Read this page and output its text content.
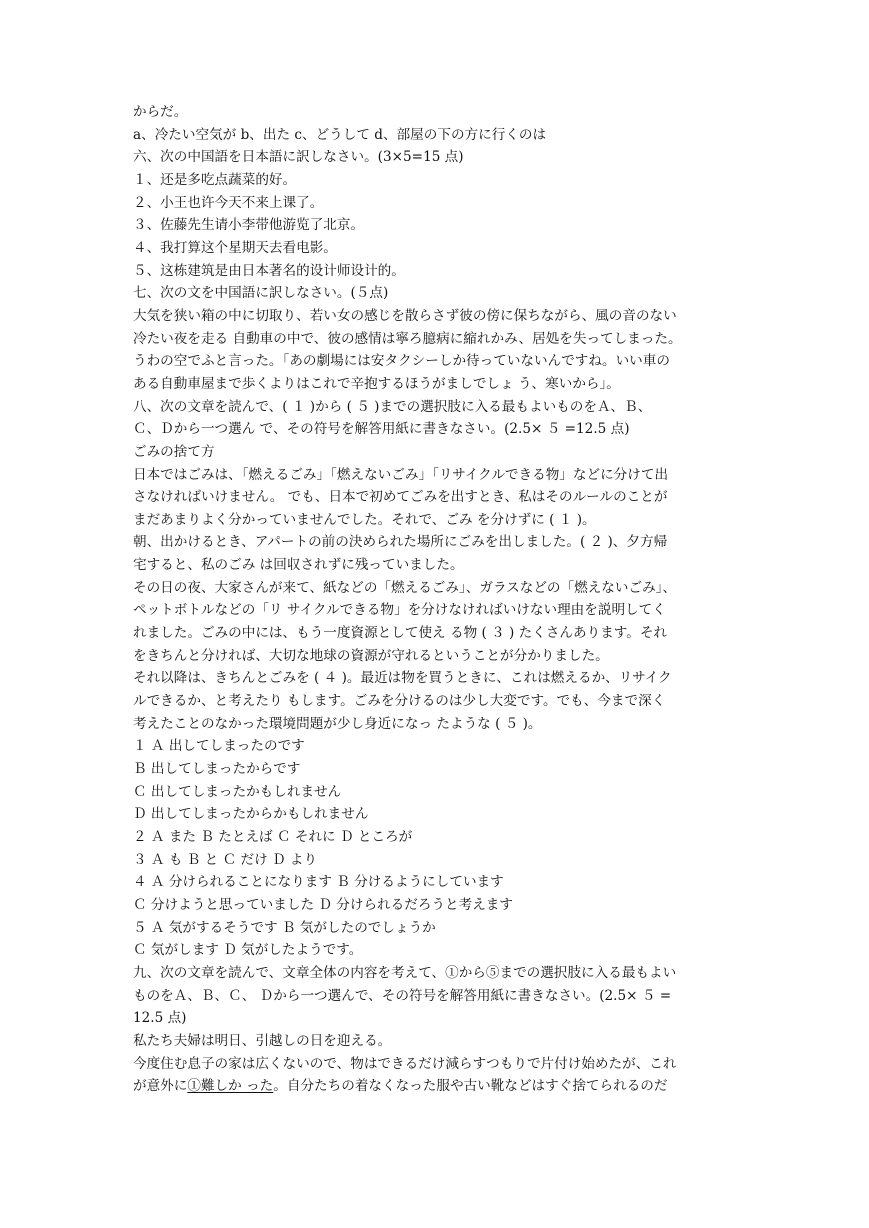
からだ。
a、冷たい空気が b、出た c、どうして d、部屋の下の方に行くのは
六、次の中国語を日本語に訳しなさい。(3×5=15 点)
１、还是多吃点蔬菜的好。
２、小王也许今天不来上课了。
３、佐藤先生请小李带他游览了北京。
４、我打算这个星期天去看电影。
５、这栋建筑是由日本著名的设计师设计的。
七、次の文を中国語に訳しなさい。(５点)
大気を狭い箱の中に切取り、若い女の感じを散らさず彼の傍に保ちながら、風の音のない
冷たい夜を走る 自動車の中で、彼の感情は寧ろ臆病に縮れかみ、居処を失ってしまった。
うわの空でふと言った。「あの劇場には安タクシーしか待っていないんですね。いい車の
ある自動車屋まで歩くよりはこれで辛抱するほうがましでしょ う、寒いから」。
八、次の文章を読んで、( １ )から ( ５ )までの選択肢に入る最もよいものをＡ、Ｂ、
Ｃ、Ｄから一つ選ん で、その符号を解答用紙に書きなさい。(2.5× ５ =12.5 点)
ごみの捨て方
日本ではごみは、「燃えるごみ」「燃えないごみ」「リサイクルできる物」などに分けて出
さなければいけません。 でも、日本で初めてごみを出すとき、私はそのルールのことが
まだあまりよく分かっていませんでした。それで、ごみ を分けずに ( １ )。
朝、出かけるとき、アパートの前の決められた場所にごみを出しました。( ２ )、夕方帰
宅すると、私のごみ は回収されずに残っていました。
その日の夜、大家さんが来て、紙などの「燃えるごみ」、ガラスなどの「燃えないごみ」、
ペットボトルなどの「リ サイクルできる物」を分けなければいけない理由を説明してく
れました。ごみの中には、もう一度資源として使え る物 ( ３ ) たくさんあります。それ
をきちんと分ければ、大切な地球の資源が守れるということが分かりました。
それ以降は、きちんとごみを ( ４ )。最近は物を買うときに、これは燃えるか、リサイク
ルできるか、と考えたり もします。ごみを分けるのは少し大変です。でも、今まで深く
考えたことのなかった環境問題が少し身近になっ たような ( ５ )。
１ Ａ 出してしまったのです
Ｂ 出してしまったからです
Ｃ 出してしまったかもしれません
Ｄ 出してしまったからかもしれません
２ Ａ また Ｂ たとえば Ｃ それに Ｄ ところが
３ Ａ も Ｂ と Ｃ だけ Ｄ より
４ Ａ 分けられることになります Ｂ 分けるようにしています
Ｃ 分けようと思っていました Ｄ 分けられるだろうと考えます
５ Ａ 気がするそうです Ｂ 気がしたのでしょうか
Ｃ 気がします Ｄ 気がしたようです。
九、次の文章を読んで、文章全体の内容を考えて、①から⑤までの選択肢に入る最もよい
ものをＡ、Ｂ、Ｃ、 Ｄから一つ選んで、その符号を解答用紙に書きなさい。(2.5× ５ =
12.5 点)
私たち夫婦は明日、引越しの日を迎える。
今度住む息子の家は広くないので、物はできるだけ減らすつもりで片付け始めたが、これ
が意外に①難しか った。自分たちの着なくなった服や古い靴などはすぐ捨てられるのだ
